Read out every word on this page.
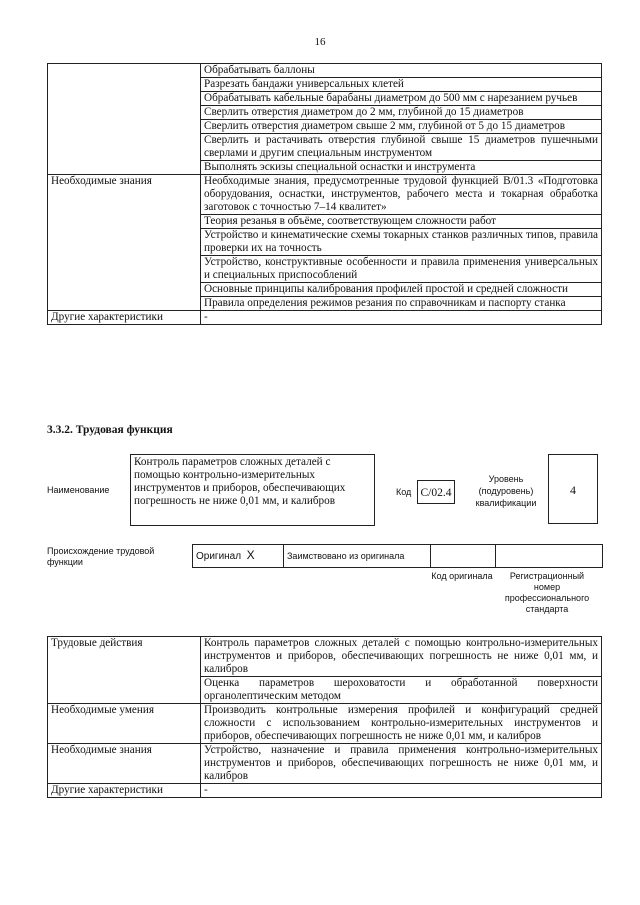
16
	Обрабатывать баллоны
	Разрезать бандажи универсальных клетей
	Обрабатывать кабельные барабаны диаметром до 500 мм с нарезанием ручьев
	Сверлить отверстия диаметром до 2 мм, глубиной до 15 диаметров
	Сверлить отверстия диаметром свыше 2 мм, глубиной от 5 до 15 диаметров
	Сверлить и растачивать отверстия глубиной свыше 15 диаметров пушечными сверлами и другим специальным инструментом
	Выполнять эскизы специальной оснастки и инструмента
Необходимые знания	Необходимые знания, предусмотренные трудовой функцией В/01.3 «Подготовка оборудования, оснастки, инструментов, рабочего места и токарная обработка заготовок с точностью 7–14 квалитет»
	Теория резанья в объёме, соответствующем сложности работ
	Устройство и кинематические схемы токарных станков различных типов, правила проверки их на точность
	Устройство, конструктивные особенности и правила применения универсальных и специальных приспособлений
	Основные принципы калибрования профилей простой и средней сложности
	Правила определения режимов резания по справочникам и паспорту станка
Другие характеристики	-
3.3.2. Трудовая функция
Наименование
Контроль параметров сложных деталей с помощью контрольно-измерительных инструментов и приборов, обеспечивающих погрешность не ниже 0,01 мм, и калибров
Код С/02.4
Уровень (подуровень) квалификации
4
Происхождение трудовой функции	Оригинал X	Заимствовано из оригинала		
Код оригинала	Регистрационный номер профессионального стандарта
Трудовые действия	Контроль параметров сложных деталей с помощью контрольно-измерительных инструментов и приборов, обеспечивающих погрешность не ниже 0,01 мм, и калибров
	Оценка параметров шероховатости и обработанной поверхности органолептическим методом
Необходимые умения	Производить контрольные измерения профилей и конфигураций средней сложности с использованием контрольно-измерительных инструментов и приборов, обеспечивающих погрешность не ниже 0,01 мм, и калибров
Необходимые знания	Устройство, назначение и правила применения контрольно-измерительных инструментов и приборов, обеспечивающих погрешность не ниже 0,01 мм, и калибров
Другие характеристики	-
